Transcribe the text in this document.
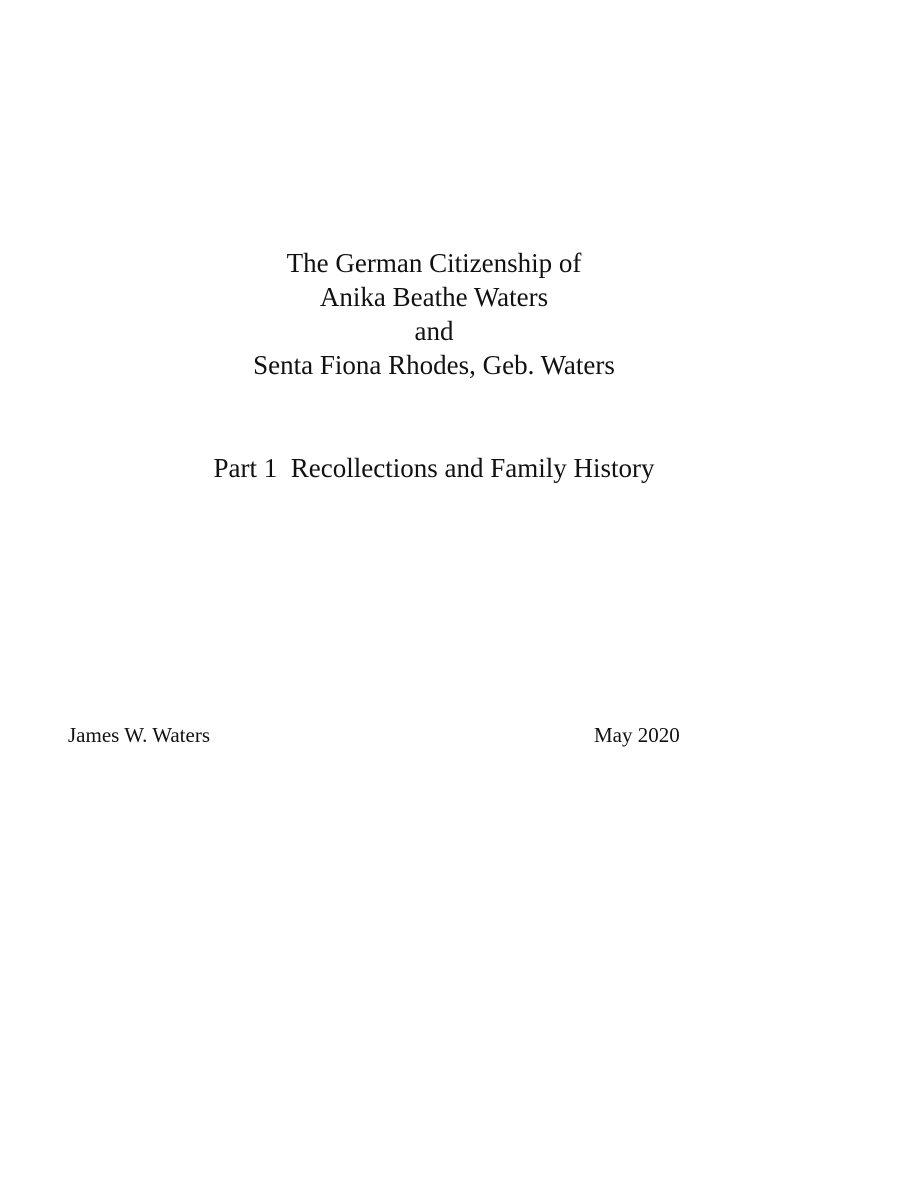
The German Citizenship of
Anika Beathe Waters
and
Senta Fiona Rhodes, Geb. Waters
Part 1 Recollections and Family History
James W. Waters	May 2020
